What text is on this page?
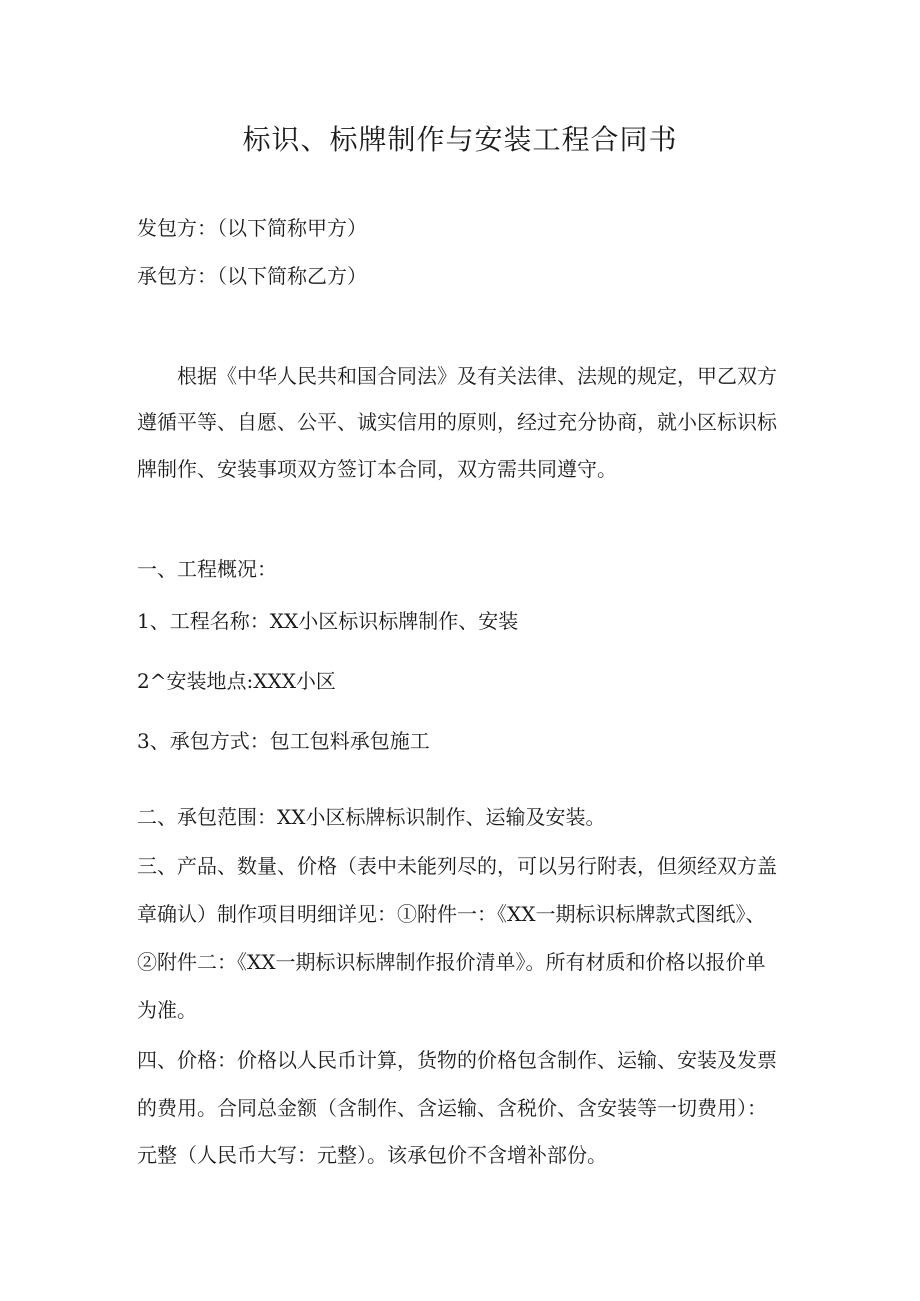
标识、标牌制作与安装工程合同书
发包方：（以下简称甲方）
承包方：（以下简称乙方）
根据《中华人民共和国合同法》及有关法律、法规的规定，甲乙双方
遵循平等、自愿、公平、诚实信用的原则，经过充分协商，就小区标识标
牌制作、安装事项双方签订本合同，双方需共同遵守。
一、工程概况：
1、工程名称：XX小区标识标牌制作、安装
2^安装地点:XXX小区
3、承包方式：包工包料承包施工
二、承包范围：XX小区标牌标识制作、运输及安装。
三、产品、数量、价格（表中未能列尽的，可以另行附表，但须经双方盖
章确认）制作项目明细详见：①附件一：《XX一期标识标牌款式图纸》、
②附件二：《XX一期标识标牌制作报价清单》。所有材质和价格以报价单
为准。
四、价格：价格以人民币计算，货物的价格包含制作、运输、安装及发票
的费用。合同总金额（含制作、含运输、含税价、含安装等一切费用）：
元整（人民币大写：元整）。该承包价不含增补部份。
